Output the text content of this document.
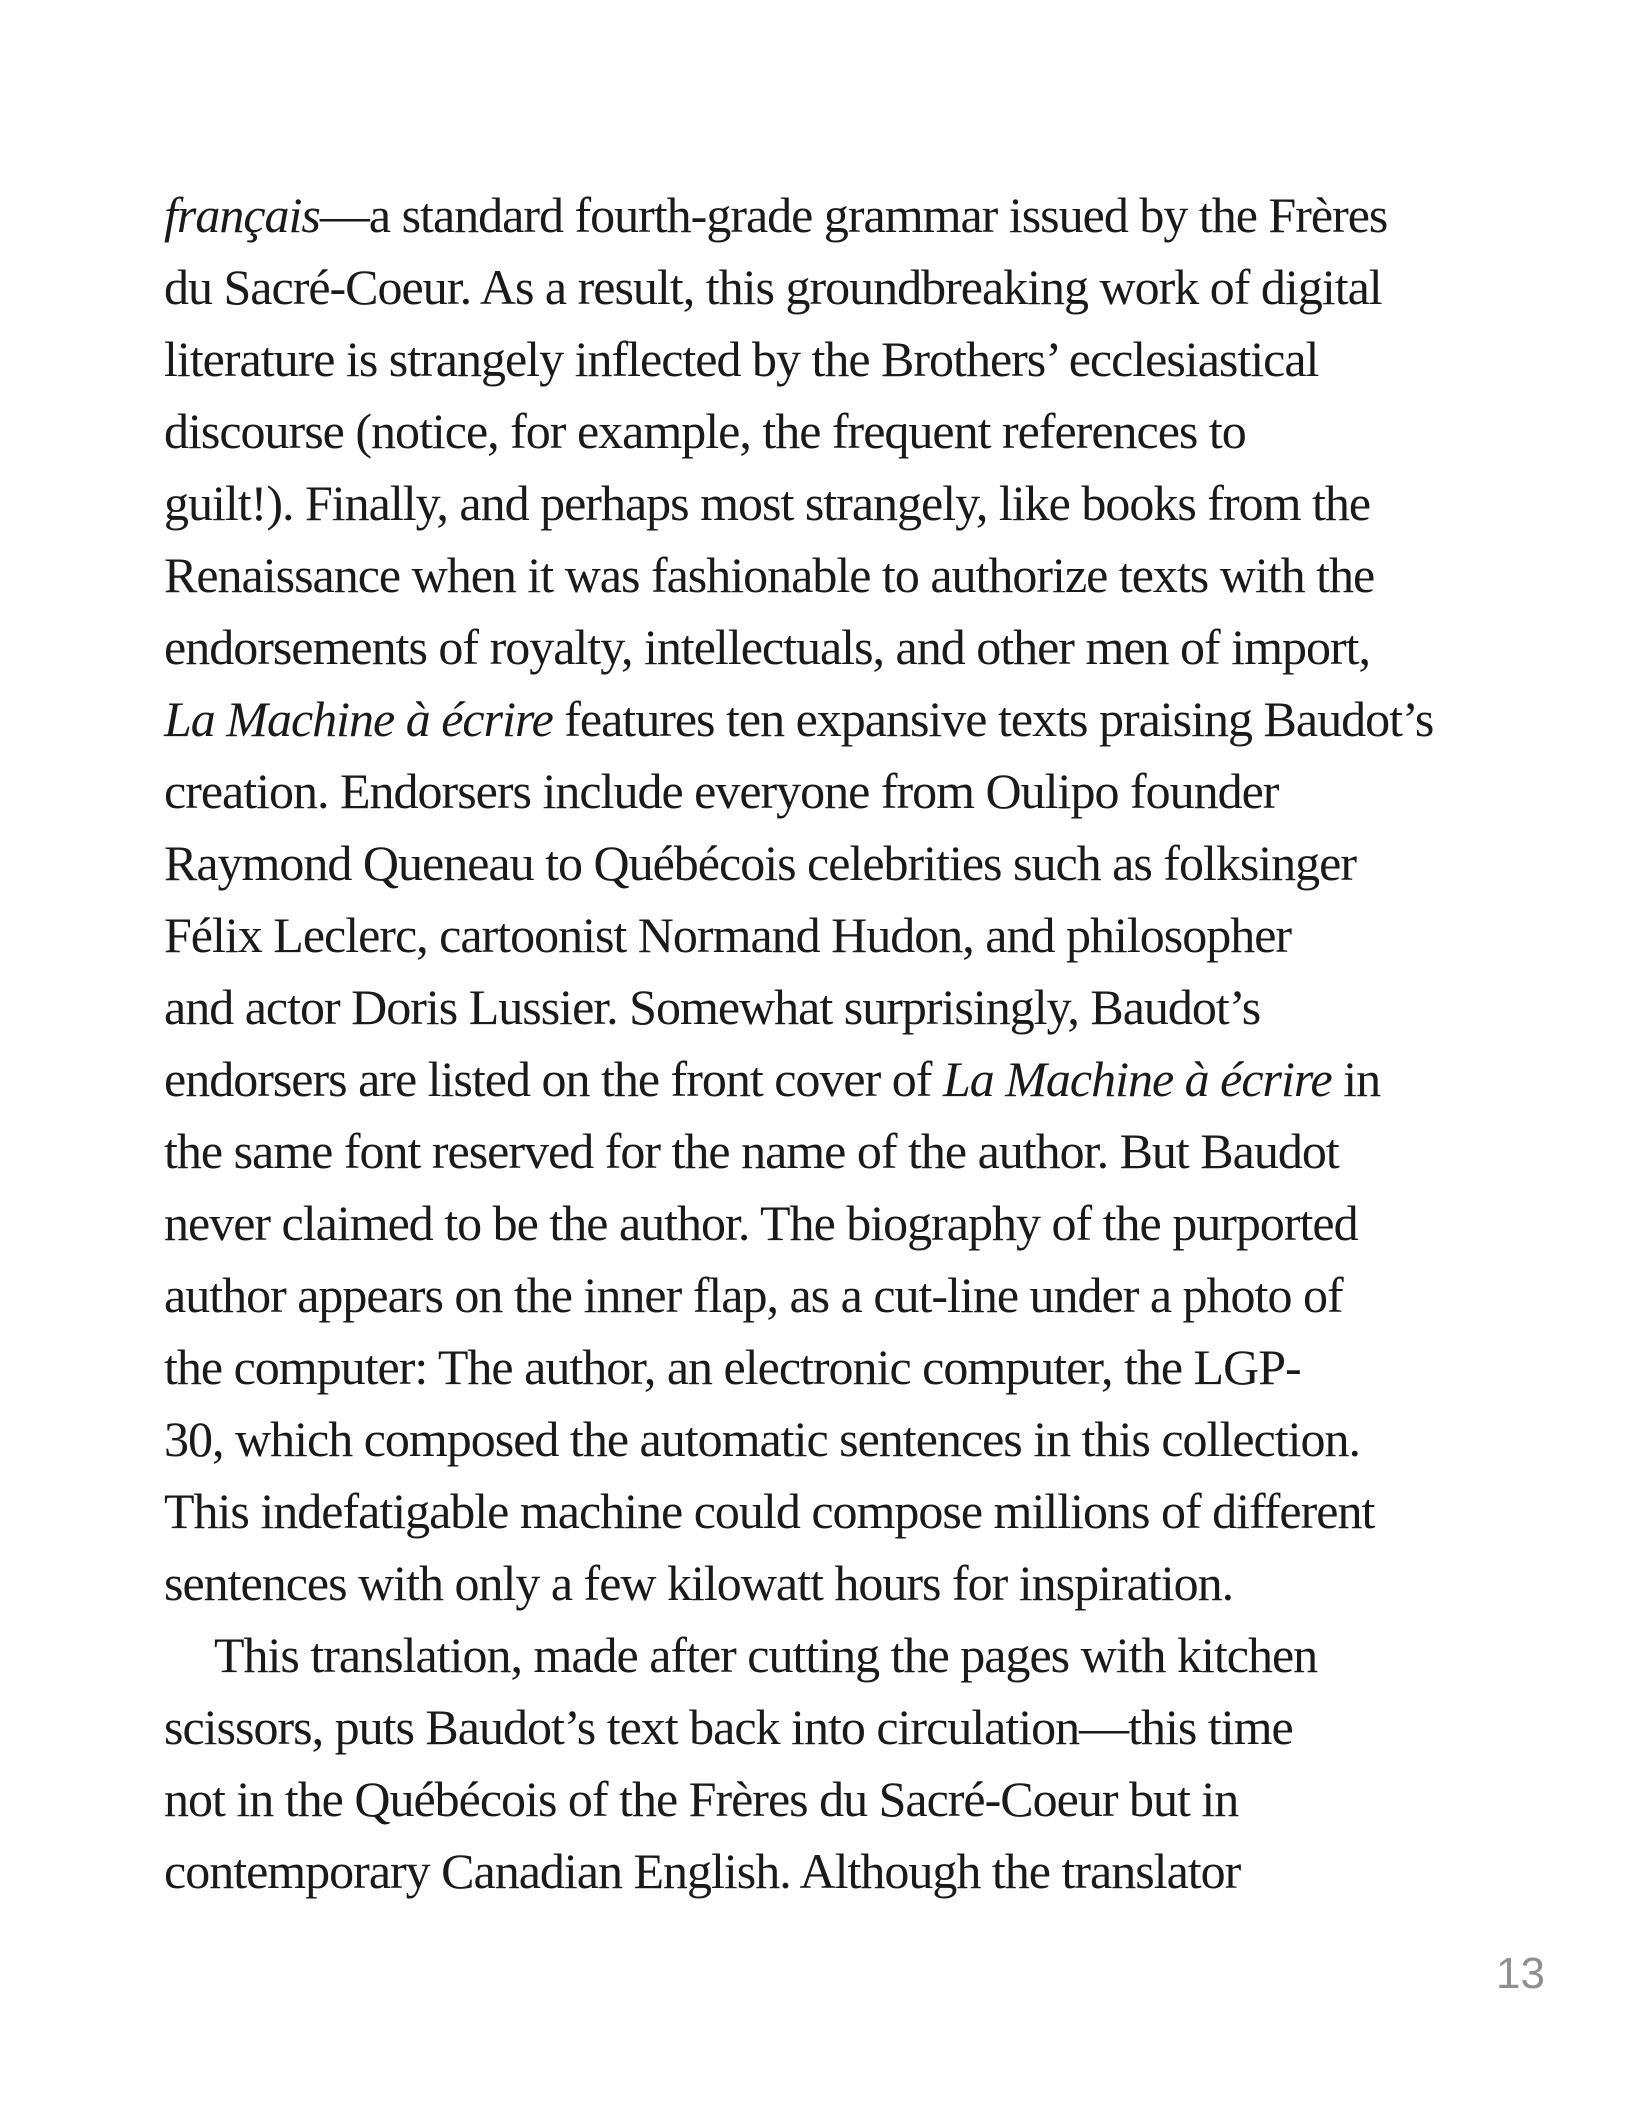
français—a standard fourth-grade grammar issued by the Frères
du Sacré-Coeur. As a result, this groundbreaking work of digital
literature is strangely inflected by the Brothers’ ecclesiastical
discourse (notice, for example, the frequent references to
guilt!). Finally, and perhaps most strangely, like books from the
Renaissance when it was fashionable to authorize texts with the
endorsements of royalty, intellectuals, and other men of import,
La Machine à écrire features ten expansive texts praising Baudot’s
creation. Endorsers include everyone from Oulipo founder
Raymond Queneau to Québécois celebrities such as folksinger
Félix Leclerc, cartoonist Normand Hudon, and philosopher
and actor Doris Lussier. Somewhat surprisingly, Baudot’s
endorsers are listed on the front cover of La Machine à écrire in
the same font reserved for the name of the author. But Baudot
never claimed to be the author. The biography of the purported
author appears on the inner flap, as a cut-line under a photo of
the computer: The author, an electronic computer, the LGP-
30, which composed the automatic sentences in this collection.
This indefatigable machine could compose millions of different
sentences with only a few kilowatt hours for inspiration.

This translation, made after cutting the pages with kitchen
scissors, puts Baudot’s text back into circulation—this time
not in the Québécois of the Frères du Sacré-Coeur but in
contemporary Canadian English. Although the translator

13
